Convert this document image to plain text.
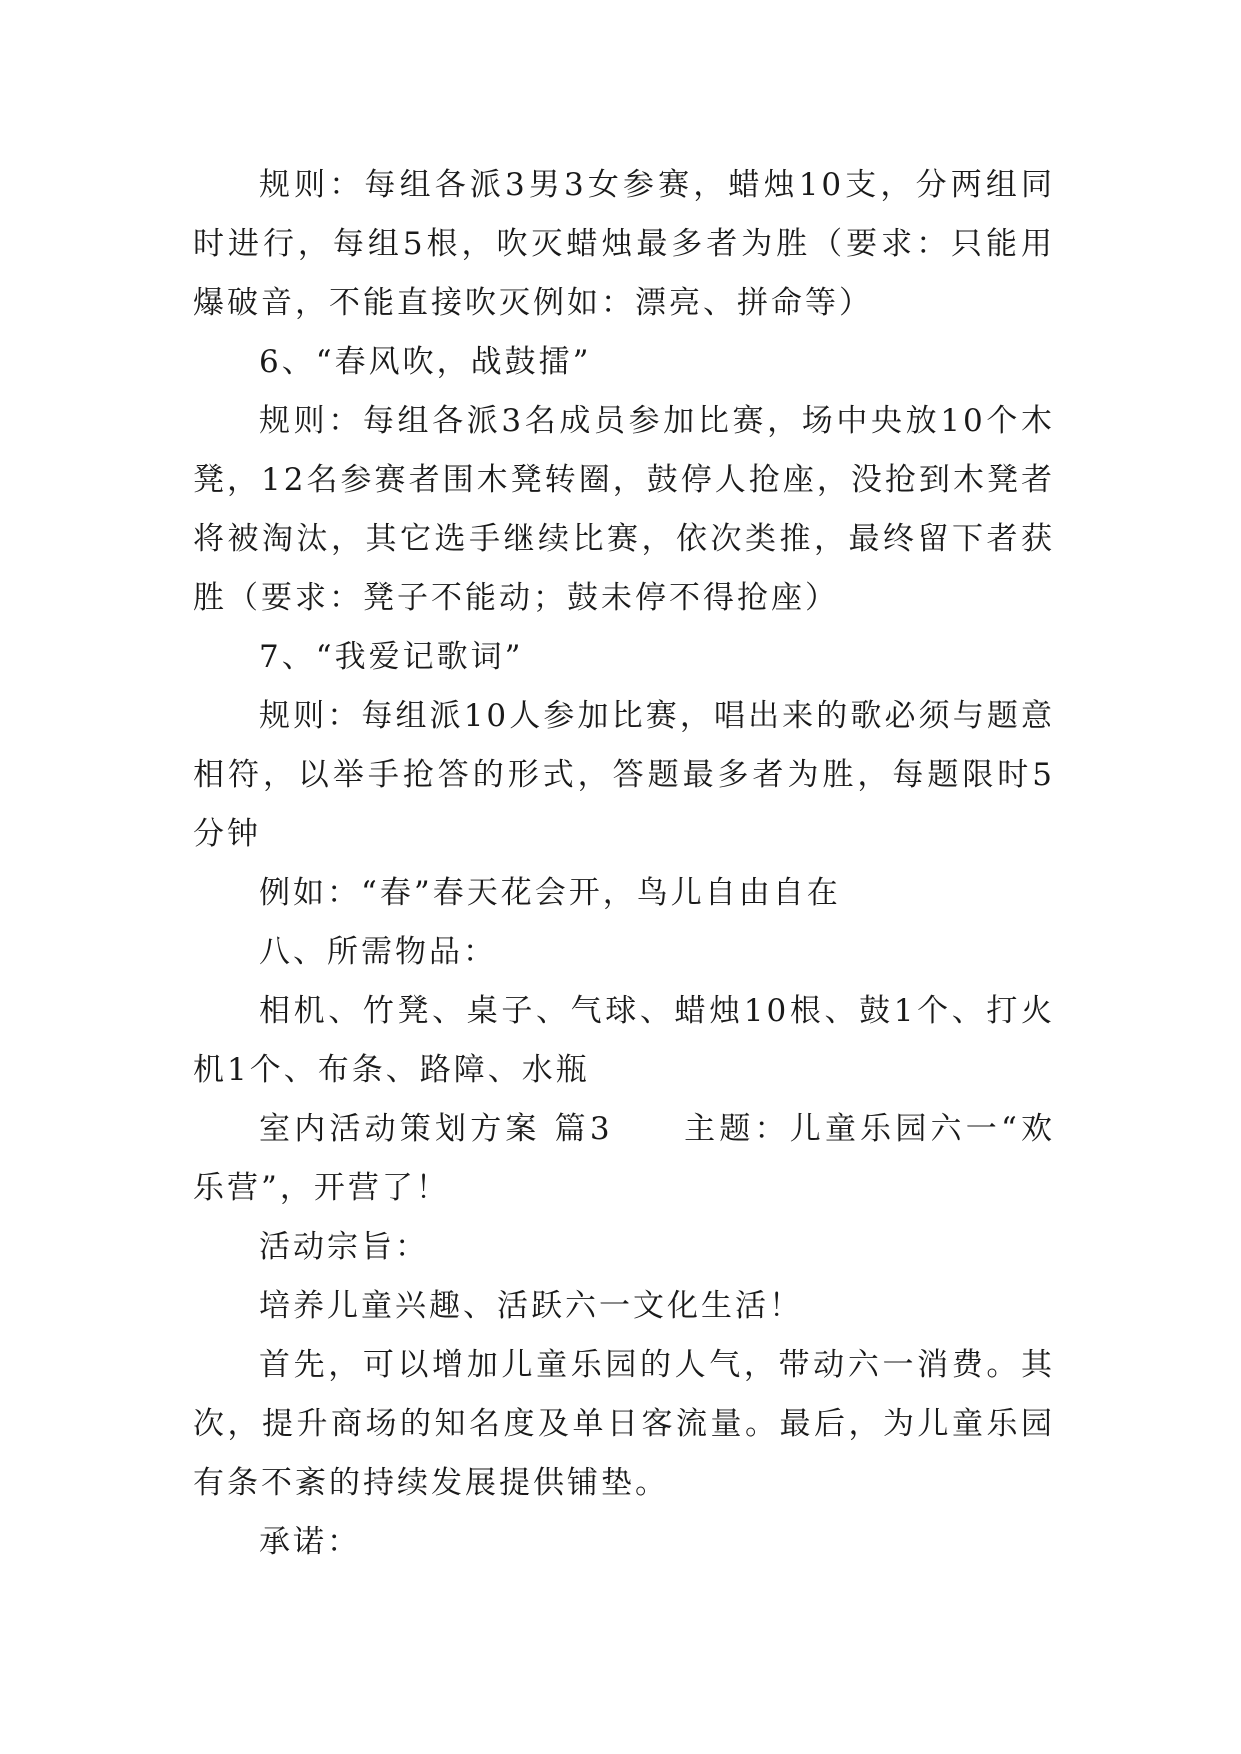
规则：每组各派3男3女参赛，蜡烛10支，分两组同时进行，每组5根，吹灭蜡烛最多者为胜（要求：只能用爆破音，不能直接吹灭例如：漂亮、拼命等）

6、“春风吹，战鼓擂”

规则：每组各派3名成员参加比赛，场中央放10个木凳，12名参赛者围木凳转圈，鼓停人抢座，没抢到木凳者将被淘汰，其它选手继续比赛，依次类推，最终留下者获胜（要求：凳子不能动；鼓未停不得抢座）

7、“我爱记歌词”

规则：每组派10人参加比赛，唱出来的歌必须与题意相符，以举手抢答的形式，答题最多者为胜，每题限时5分钟

例如：“春”春天花会开，鸟儿自由自在

八、所需物品：

相机、竹凳、桌子、气球、蜡烛10根、鼓1个、打火机1个、布条、路障、水瓶

室内活动策划方案 篇3　　主题：儿童乐园六一“欢乐营”，开营了！

活动宗旨：

培养儿童兴趣、活跃六一文化生活！

首先，可以增加儿童乐园的人气，带动六一消费。其次，提升商场的知名度及单日客流量。最后，为儿童乐园有条不紊的持续发展提供铺垫。

承诺：
